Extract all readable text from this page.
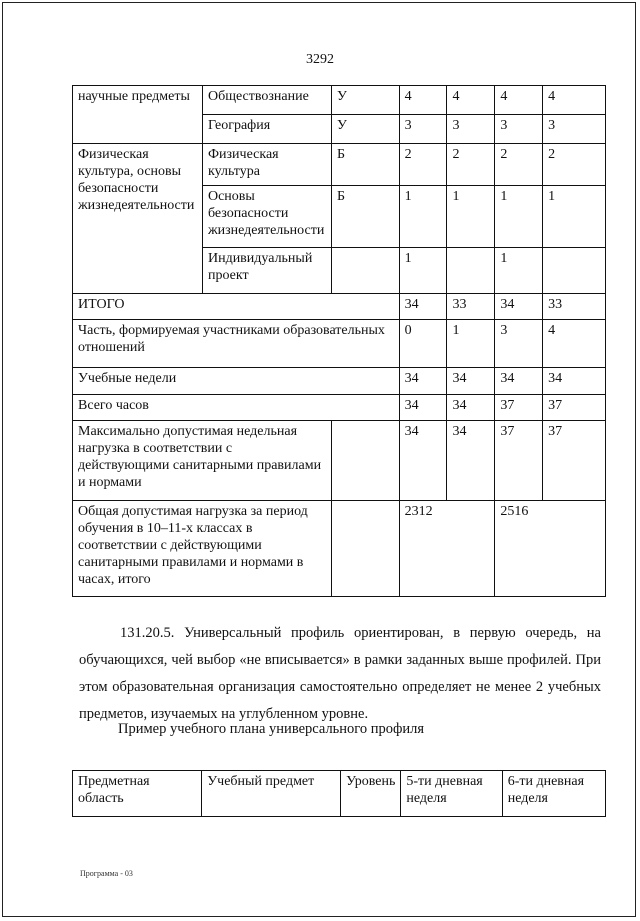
3292
научные предметы	Обществознание	У	4	4	4	4
	География	У	3	3	3	3
Физическая культура, основы безопасности жизнедеятельности	Физическая культура	Б	2	2	2	2
	Основы безопасности жизнедеятельности	Б	1	1	1	1
	Индивидуальный проект		1		1	
ИТОГО			34	33	34	33
Часть, формируемая участниками образовательных отношений			0	1	3	4
Учебные недели			34	34	34	34
Всего часов			34	34	37	37
Максимально допустимая недельная нагрузка в соответствии с действующими санитарными правилами и нормами			34	34	37	37
Общая допустимая нагрузка за период обучения в 10–11-х классах в соответствии с действующими санитарными правилами и нормами в часах, итого			2312		2516	
131.20.5. Универсальный профиль ориентирован, в первую очередь, на обучающихся, чей выбор «не вписывается» в рамки заданных выше профилей. При этом образовательная организация самостоятельно определяет не менее 2 учебных предметов, изучаемых на углубленном уровне.
Пример учебного плана универсального профиля
Предметная область	Учебный предмет	Уровень	5-ти дневная неделя	6-ти дневная неделя
Программа - 03
